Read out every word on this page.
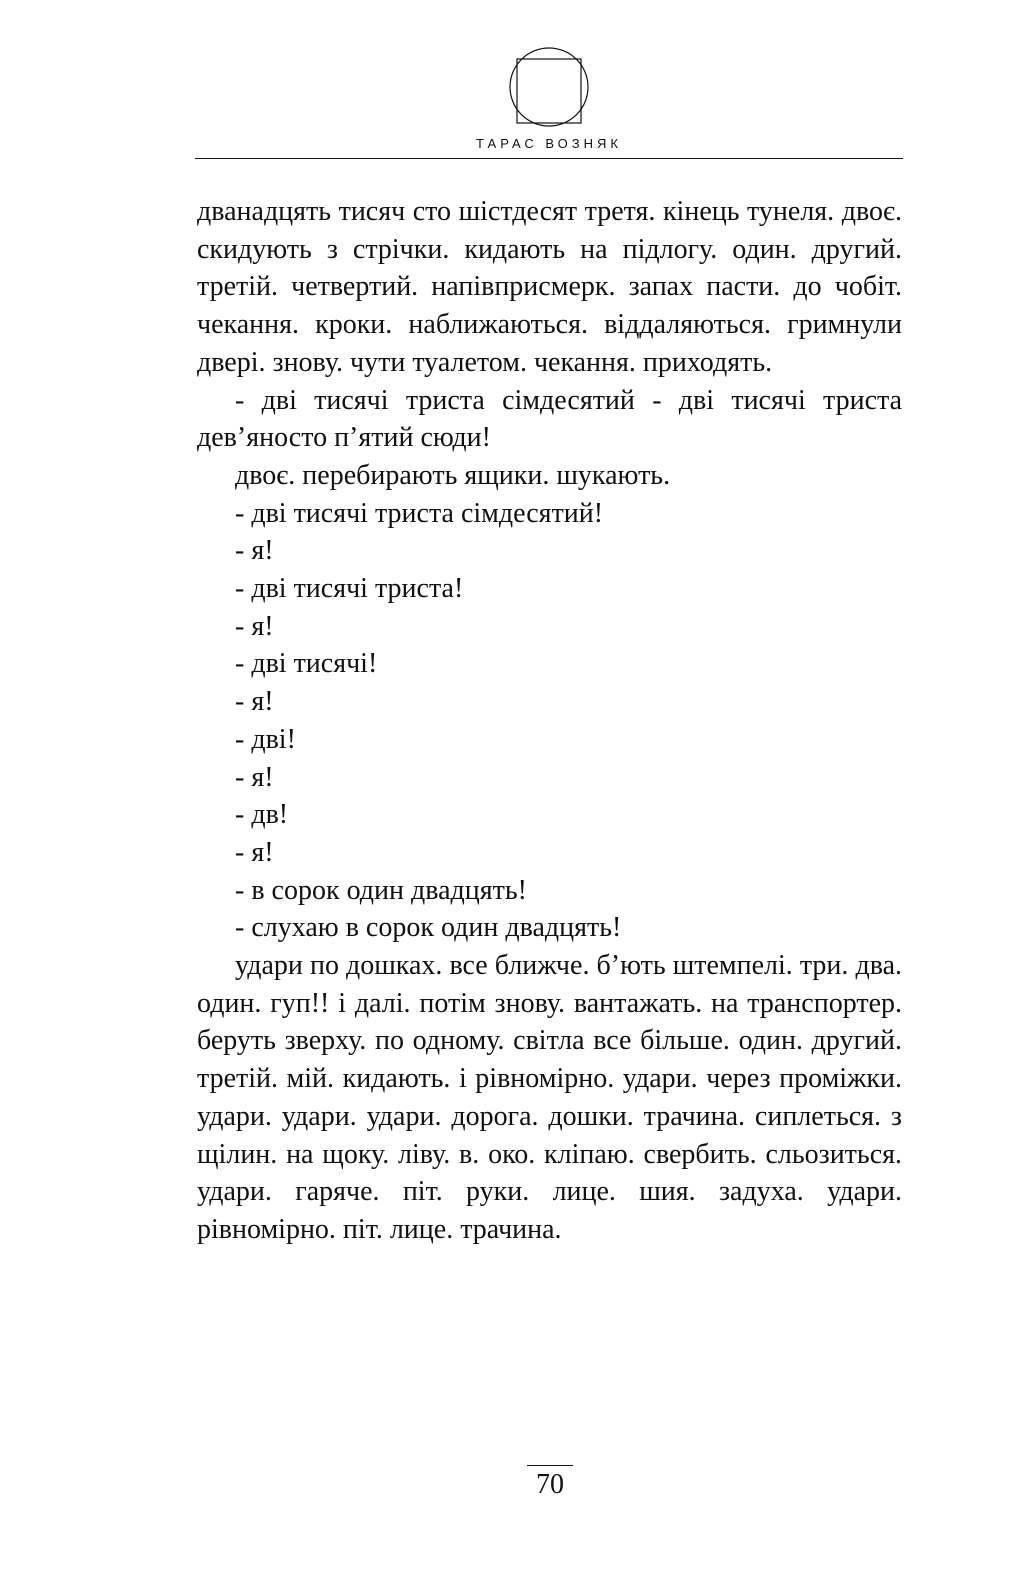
ТАРАС ВОЗНЯК

дванадцять тисяч сто шістдесят третя. кінець тунеля. двоє. скидують з стрічки. кидають на підлогу. один. другий. третій. четвертий. напівприсмерк. запах пасти. до чобіт. чекання. кроки. наближаються. віддаляються. гримнули двері. знову. чути туалетом. чекання. приходять.

- дві тисячі триста сімдесятий - дві тисячі триста дев’яносто п’ятий сюди!

двоє. перебирають ящики. шукають.

- дві тисячі триста сімдесятий!

- я!

- дві тисячі триста!

- я!

- дві тисячі!

- я!

- дві!

- я!

- дв!

- я!

- в сорок один двадцять!

- слухаю в сорок один двадцять!

удари по дошках. все ближче. б’ють штемпелі. три. два. один. гуп!! і далі. потім знову. вантажать. на транспортер. беруть зверху. по одному. світла все більше. один. другий. третій. мій. кидають. і рівномірно. удари. через проміжки. удари. удари. удари. дорога. дошки. трачина. сиплеться. з щілин. на щоку. ліву. в. око. кліпаю. свербить. сльозиться. удари. гаряче. піт. руки. лице. шия. задуха. удари. рівномірно. піт. лице. трачина.

70
